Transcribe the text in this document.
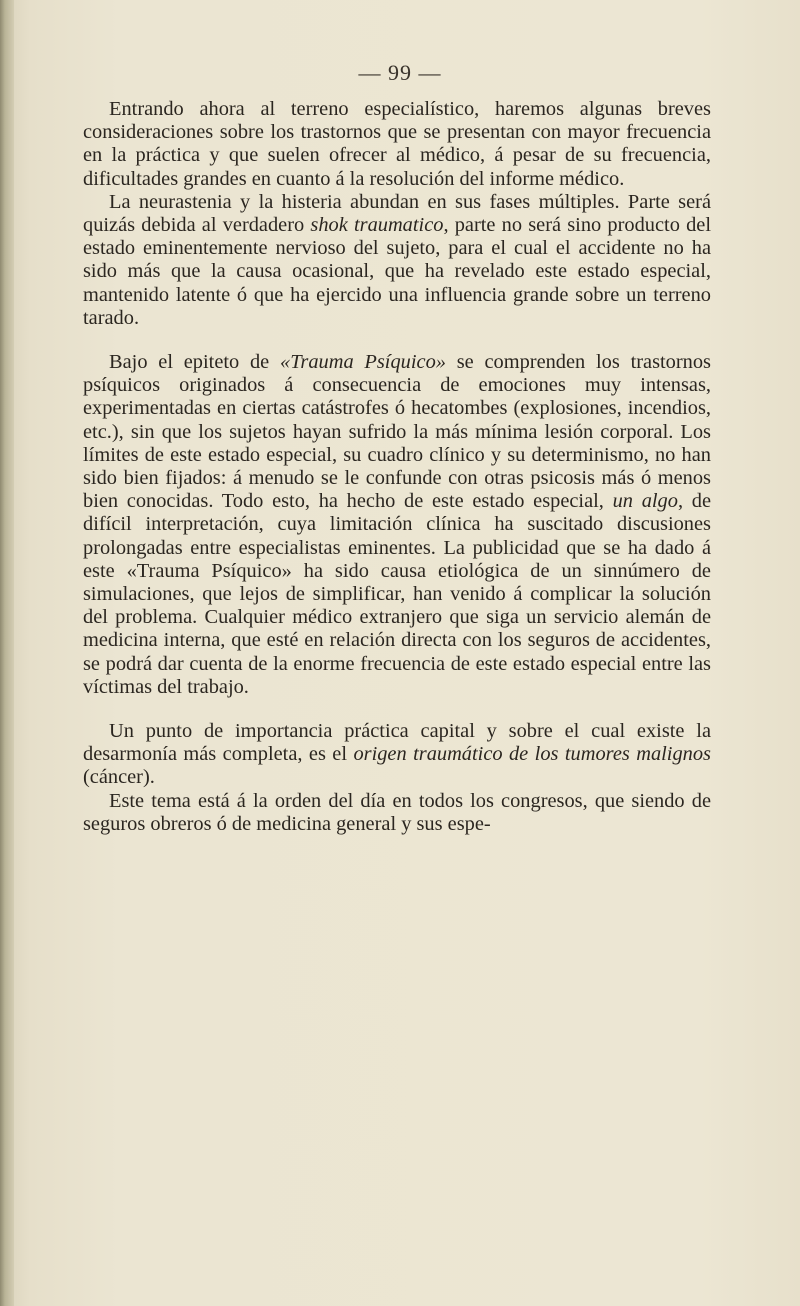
— 99 —

Entrando ahora al terreno especialístico, haremos algunas breves consideraciones sobre los trastornos que se presentan con mayor frecuencia en la práctica y que suelen ofrecer al médico, á pesar de su frecuencia, dificultades grandes en cuanto á la resolución del informe médico.

La neurastenia y la histeria abundan en sus fases múltiples. Parte será quizás debida al verdadero shok traumatico, parte no será sino producto del estado eminentemente nervioso del sujeto, para el cual el accidente no ha sido más que la causa ocasional, que ha revelado este estado especial, mantenido latente ó que ha ejercido una influencia grande sobre un terreno tarado.

Bajo el epiteto de «Trauma Psíquico» se comprenden los trastornos psíquicos originados á consecuencia de emociones muy intensas, experimentadas en ciertas catástrofes ó hecatombes (explosiones, incendios, etc.), sin que los sujetos hayan sufrido la más mínima lesión corporal. Los límites de este estado especial, su cuadro clínico y su determinismo, no han sido bien fijados: á menudo se le confunde con otras psicosis más ó menos bien conocidas. Todo esto, ha hecho de este estado especial, un algo, de difícil interpretación, cuya limitación clínica ha suscitado discusiones prolongadas entre especialistas eminentes. La publicidad que se ha dado á este «Trauma Psíquico» ha sido causa etiológica de un sinnúmero de simulaciones, que lejos de simplificar, han venido á complicar la solución del problema. Cualquier médico extranjero que siga un servicio alemán de medicina interna, que esté en relación directa con los seguros de accidentes, se podrá dar cuenta de la enorme frecuencia de este estado especial entre las víctimas del trabajo.

Un punto de importancia práctica capital y sobre el cual existe la desarmonía más completa, es el origen traumático de los tumores malignos (cáncer).

Este tema está á la orden del día en todos los congresos, que siendo de seguros obreros ó de medicina general y sus espe-
